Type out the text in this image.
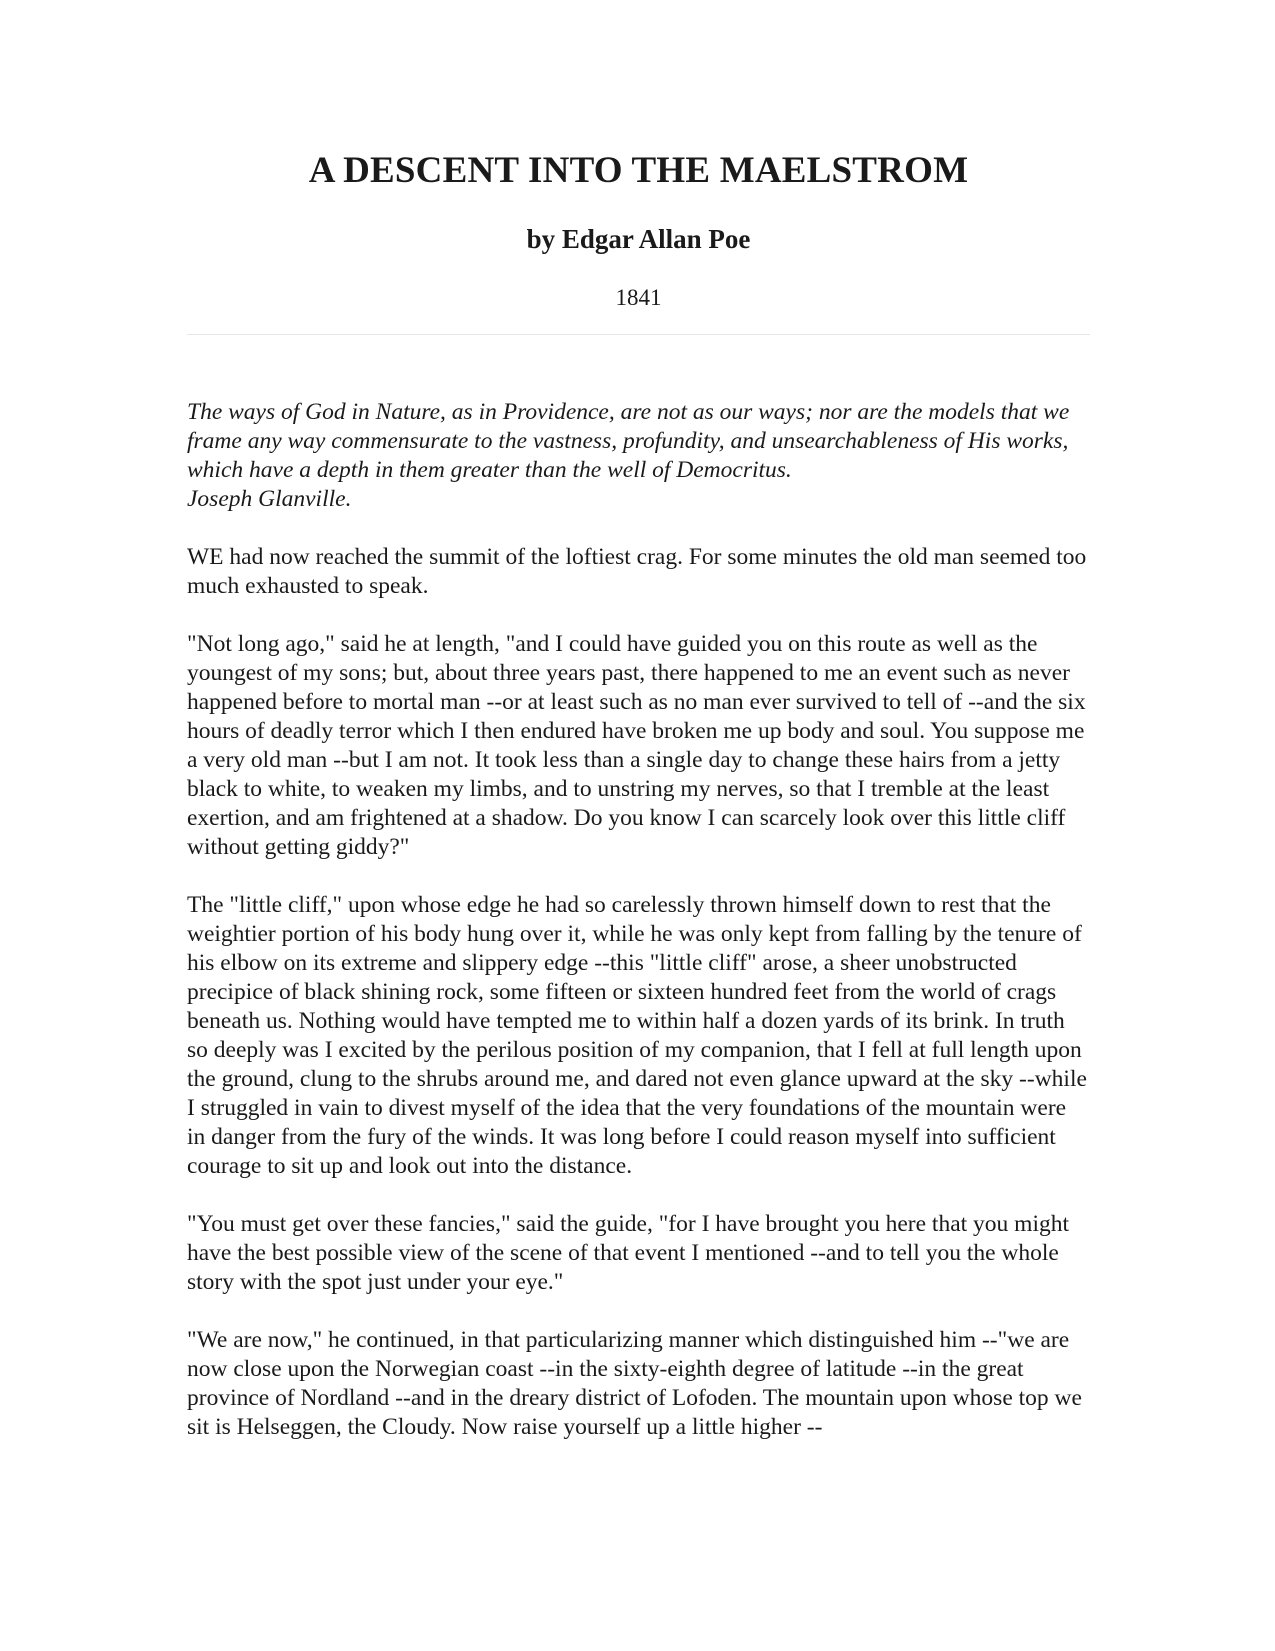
A DESCENT INTO THE MAELSTROM
by Edgar Allan Poe
1841

The ways of God in Nature, as in Providence, are not as our ways; nor are the models that we frame any way commensurate to the vastness, profundity, and unsearchableness of His works, which have a depth in them greater than the well of Democritus.
Joseph Glanville.

WE had now reached the summit of the loftiest crag. For some minutes the old man seemed too much exhausted to speak.

"Not long ago," said he at length, "and I could have guided you on this route as well as the youngest of my sons; but, about three years past, there happened to me an event such as never happened before to mortal man --or at least such as no man ever survived to tell of --and the six hours of deadly terror which I then endured have broken me up body and soul. You suppose me a very old man --but I am not. It took less than a single day to change these hairs from a jetty black to white, to weaken my limbs, and to unstring my nerves, so that I tremble at the least exertion, and am frightened at a shadow. Do you know I can scarcely look over this little cliff without getting giddy?"

The "little cliff," upon whose edge he had so carelessly thrown himself down to rest that the weightier portion of his body hung over it, while he was only kept from falling by the tenure of his elbow on its extreme and slippery edge --this "little cliff" arose, a sheer unobstructed precipice of black shining rock, some fifteen or sixteen hundred feet from the world of crags beneath us. Nothing would have tempted me to within half a dozen yards of its brink. In truth so deeply was I excited by the perilous position of my companion, that I fell at full length upon the ground, clung to the shrubs around me, and dared not even glance upward at the sky --while I struggled in vain to divest myself of the idea that the very foundations of the mountain were in danger from the fury of the winds. It was long before I could reason myself into sufficient courage to sit up and look out into the distance.

"You must get over these fancies," said the guide, "for I have brought you here that you might have the best possible view of the scene of that event I mentioned --and to tell you the whole story with the spot just under your eye."

"We are now," he continued, in that particularizing manner which distinguished him --"we are now close upon the Norwegian coast --in the sixty-eighth degree of latitude --in the great province of Nordland --and in the dreary district of Lofoden. The mountain upon whose top we sit is Helseggen, the Cloudy. Now raise yourself up a little higher --
